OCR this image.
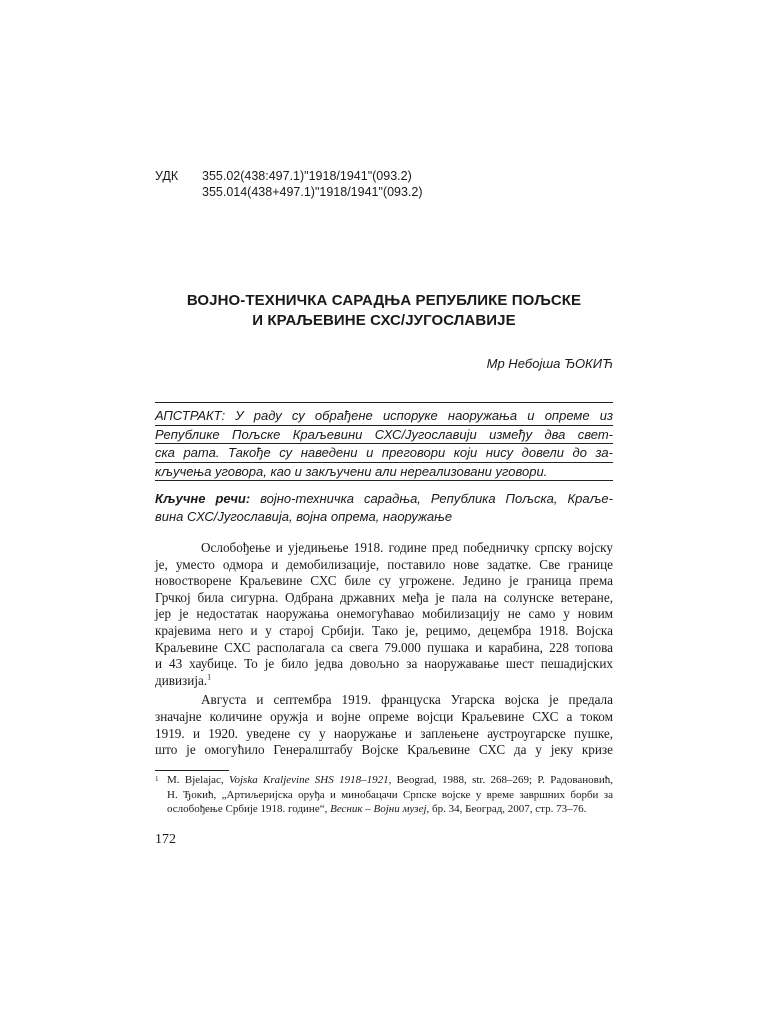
УДК	355.02(438:497.1)"1918/1941"(093.2)
355.014(438+497.1)"1918/1941"(093.2)
ВОЈНО-ТЕХНИЧКА САРАДЊА РЕПУБЛИКЕ ПОЉСКЕ
И КРАЉЕВИНЕ СХС/ЈУГОСЛАВИЈЕ
Мр Небојша ЂОКИЋ
АПСТРАКТ: У раду су обрађене испоруке наоружања и опреме из
Републике Пољске Краљевини СХС/Југославији између два свет-
ска рата. Такође су наведени и преговори који нису довели до за-
кључења уговора, као и закључени али нереализовани уговори.
Кључне речи: војно-техничка сарадња, Република Пољска, Краље-
вина СХС/Југославија, војна опрема, наоружање
Ослобођење и уједињење 1918. године пред победничку српску војску
је, уместо одмора и демобилизације, поставило нове задатке. Све границе
новостворене Краљевине СХС биле су угрожене. Једино је граница према
Грчкој била сигурна. Одбрана државних међа је пала на солунске ветеране,
јер је недостатак наоружања онемогућавао мобилизацију не само у новим
крајевима него и у старој Србији. Тако је, рецимо, децембра 1918. Војска
Краљевине СХС располагала са свега 79.000 пушака и карабина, 228 топова
и 43 хаубице. То је било једва довољно за наоружавање шест пешадијских
дивизија.$^1$
Августа и септембра 1919. француска Угарска војска је предала
значајне количине оружја и војне опреме војсци Краљевине СХС а током
1919. и 1920. уведене су у наоружање и заплењене аустроугарске пушке,
што је омогућило Генералштабу Војске Краљевине СХС да у јеку кризе
1 M. Bjelajac, Vojska Kraljevine SHS 1918–1921, Beograd, 1988, str. 268–269; Р. Радовановић,
Н. Ђокић, „Артиљеријска оруђа и минобацачи Српске војске у време завршних борби за
ослобођење Србије 1918. године“, Весник – Војни музеј, бр. 34, Београд, 2007, стр. 73–76.
172
